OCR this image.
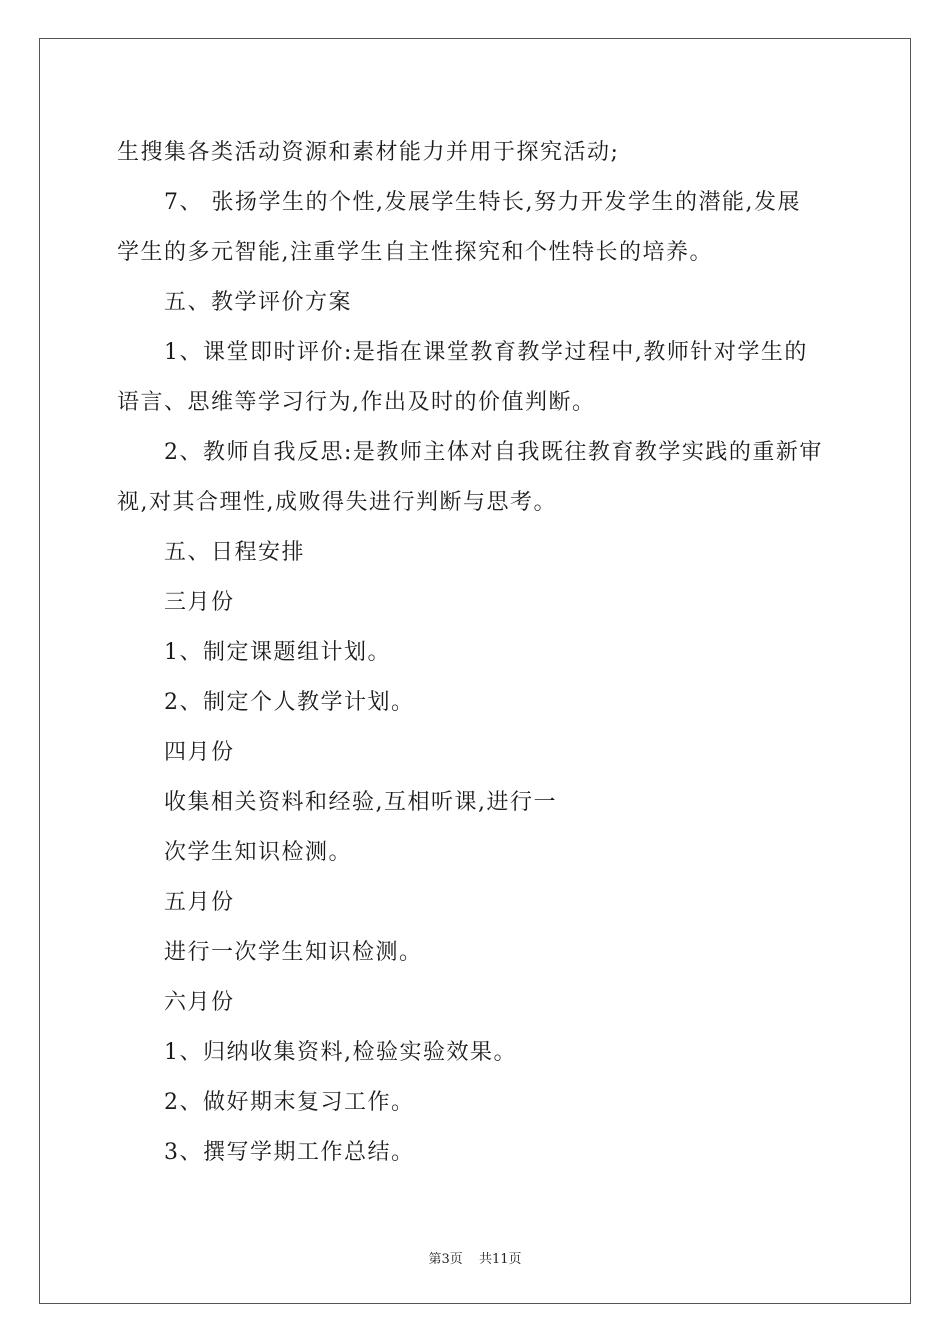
生搜集各类活动资源和素材能力并用于探究活动;
7、 张扬学生的个性,发展学生特长,努力开发学生的潜能,发展
学生的多元智能,注重学生自主性探究和个性特长的培养。
五、教学评价方案
1、课堂即时评价:是指在课堂教育教学过程中,教师针对学生的
语言、思维等学习行为,作出及时的价值判断。
2、教师自我反思:是教师主体对自我既往教育教学实践的重新审
视,对其合理性,成败得失进行判断与思考。
五、日程安排
三月份
1、制定课题组计划。
2、制定个人教学计划。
四月份
收集相关资料和经验,互相听课,进行一
次学生知识检测。
五月份
进行一次学生知识检测。
六月份
1、归纳收集资料,检验实验效果。
2、做好期末复习工作。
3、撰写学期工作总结。
第3页 共11页
